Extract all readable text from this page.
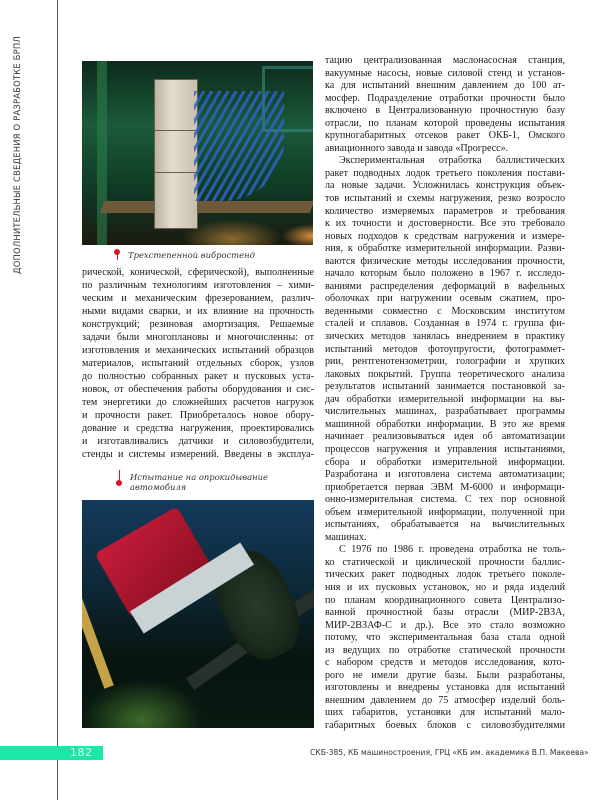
ДОПОЛНИТЕЛЬНЫЕ СВЕДЕНИЯ О РАЗРАБОТКЕ БРПЛ	Трехстепенной вибростенд
рической, конической, сферической), выполненные
по различным технологиям изготовления – хими-
ческим и механическим фрезерованием, различ-
ными видами сварки, и их влияние на прочность
конструкций; резиновая амортизация. Решаемые
задачи были многоплановы и многочисленны: от
изготовления и механических испытаний образцов
материалов, испытаний отдельных сборок, узлов
до полностью собранных ракет и пусковых уста-
новок, от обеспечения работы оборудования и сис-
тем энергетики до сложнейших расчетов нагрузок
и прочности ракет. Приобреталось новое обору-
дование и средства нагружения, проектировались
и изготавливались датчики и силовозбудители,
стенды и системы измерений. Введены в эксплуа-
Испытание на опрокидывание
автомобиля
тацию централизованная маслонасосная станция,
вакуумные насосы, новые силовой стенд и установ-
ка для испытаний внешним давлением до 100 ат-
мосфер. Подразделение отработки прочности было
включено в Централизованную прочностную базу
отрасли, по планам которой проведены испытания
крупногабаритных отсеков ракет ОКБ-1, Омского
авиационного завода и завода «Прогресс».
Экспериментальная отработка баллистических
ракет подводных лодок третьего поколения постави-
ла новые задачи. Усложнилась конструкция объек-
тов испытаний и схемы нагружения, резко возросло
количество измеряемых параметров и требования
к их точности и достоверности. Все это требовало
новых подходов к средствам нагружения и измере-
ния, к обработке измерительной информации. Разви-
ваются физические методы исследования прочности,
начало которым было положено в 1967 г. исследо-
ваниями распределения деформаций в вафельных
оболочках при нагружении осевым сжатием, про-
веденными совместно с Московским институтом
сталей и сплавов. Созданная в 1974 г. группа фи-
зических методов занялась внедрением в практику
испытаний методов фотоупругости, фотограммет-
рии, рентгенотензометрии, голографии и хрупких
лаковых покрытий. Группа теоретического анализа
результатов испытаний занимается постановкой за-
дач обработки измерительной информации на вы-
числительных машинах, разрабатывает программы
машинной обработки информации. В это же время
начинает реализовываться идея об автоматизации
процессов нагружения и управления испытаниями,
сбора и обработки измерительной информации.
Разработана и изготовлена система автоматизации;
приобретается первая ЭВМ М-6000 и информаци-
онно-измерительная система. С тех пор основной
объем измерительной информации, полученной при
испытаниях, обрабатывается на вычислительных
машинах.
С 1976 по 1986 г. проведена отработка не толь-
ко статической и циклической прочности баллис-
тических ракет подводных лодок третьего поколе-
ния и их пусковых установок, но и ряда изделий
по планам координационного совета Централизо-
ванной прочностной базы отрасли (МИР-2ВЗА,
МИР-2ВЗАФ-С и др.). Все это стало возможно
потому, что экспериментальная база стала одной
из ведущих по отработке статической прочности
с набором средств и методов исследования, кото-
рого не имели другие базы. Были разработаны,
изготовлены и внедрены установка для испытаний
внешним давлением до 75 атмосфер изделий боль-
ших габаритов, установки для испытаний мало-
габаритных боевых блоков с силовозбудителями
182	СКБ-385, КБ машиностроения, ГРЦ «КБ им. академика В.П. Макеева»
